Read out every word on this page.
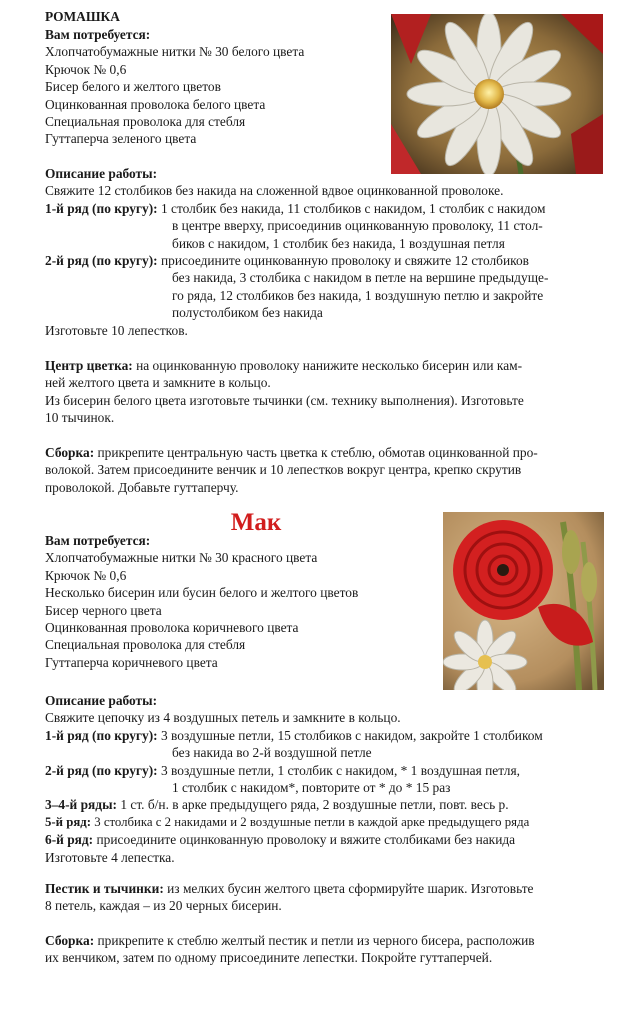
РОМАШКА
Вам потребуется:
Хлопчатобумажные нитки № 30 белого цвета
Крючок № 0,6
Бисер белого и желтого цветов
Оцинкованная проволока белого цвета
Специальная проволока для стебля
Гуттаперча зеленого цвета
Описание работы:

Свяжите 12 столбиков без накида на сложенной вдвое оцинкованной проволоке.

1-й ряд (по кругу): 1 столбик без накида, 11 столбиков с накидом, 1 столбик с накидом
в центре вверху, присоединив оцинкованную проволоку, 11 стол-
биков с накидом, 1 столбик без накида, 1 воздушная петля
2-й ряд (по кругу): присоедините оцинкованную проволоку и свяжите 12 столбиков
без накида, 3 столбика с накидом в петле на вершине предыдуще-
го ряда, 12 столбиков без накида, 1 воздушную петлю и закройте
полустолбиком без накида
Изготовьте 10 лепестков.
Центр цветка: на оцинкованную проволоку нанижите несколько бисерин или кам-
ней желтого цвета и замкните в кольцо.
Из бисерин белого цвета изготовьте тычинки (см. технику выполнения). Изготовьте
10 тычинок.
Сборка: прикрепите центральную часть цветка к стеблю, обмотав оцинкованной про-
волокой. Затем присоедините венчик и 10 лепестков вокруг центра, крепко скрутив
проволокой. Добавьте гуттаперчу.
Мак
Вам потребуется:
Хлопчатобумажные нитки № 30 красного цвета
Крючок № 0,6
Несколько бисерин или бусин белого и желтого цветов
Бисер черного цвета
Оцинкованная проволока коричневого цвета
Специальная проволока для стебля
Гуттаперча коричневого цвета
Описание работы:

Свяжите цепочку из 4 воздушных петель и замкните в кольцо.

1-й ряд (по кругу): 3 воздушные петли, 15 столбиков с накидом, закройте 1 столбиком
без накида во 2-й воздушной петле
2-й ряд (по кругу): 3 воздушные петли, 1 столбик с накидом, * 1 воздушная петля,
1 столбик с накидом*, повторите от * до * 15 раз
3–4-й ряды: 1 ст. б/н. в арке предыдущего ряда, 2 воздушные петли, повт. весь р.
5-й ряд: 3 столбика с 2 накидами и 2 воздушные петли в каждой арке предыдущего ряда
6-й ряд: присоедините оцинкованную проволоку и вяжите столбиками без накида
Изготовьте 4 лепестка.
Пестик и тычинки: из мелких бусин желтого цвета сформируйте шарик. Изготовьте
8 петель, каждая – из 20 черных бисерин.
Сборка: прикрепите к стеблю желтый пестик и петли из черного бисера, расположив
их венчиком, затем по одному присоедините лепестки. Покройте гуттаперчей.
